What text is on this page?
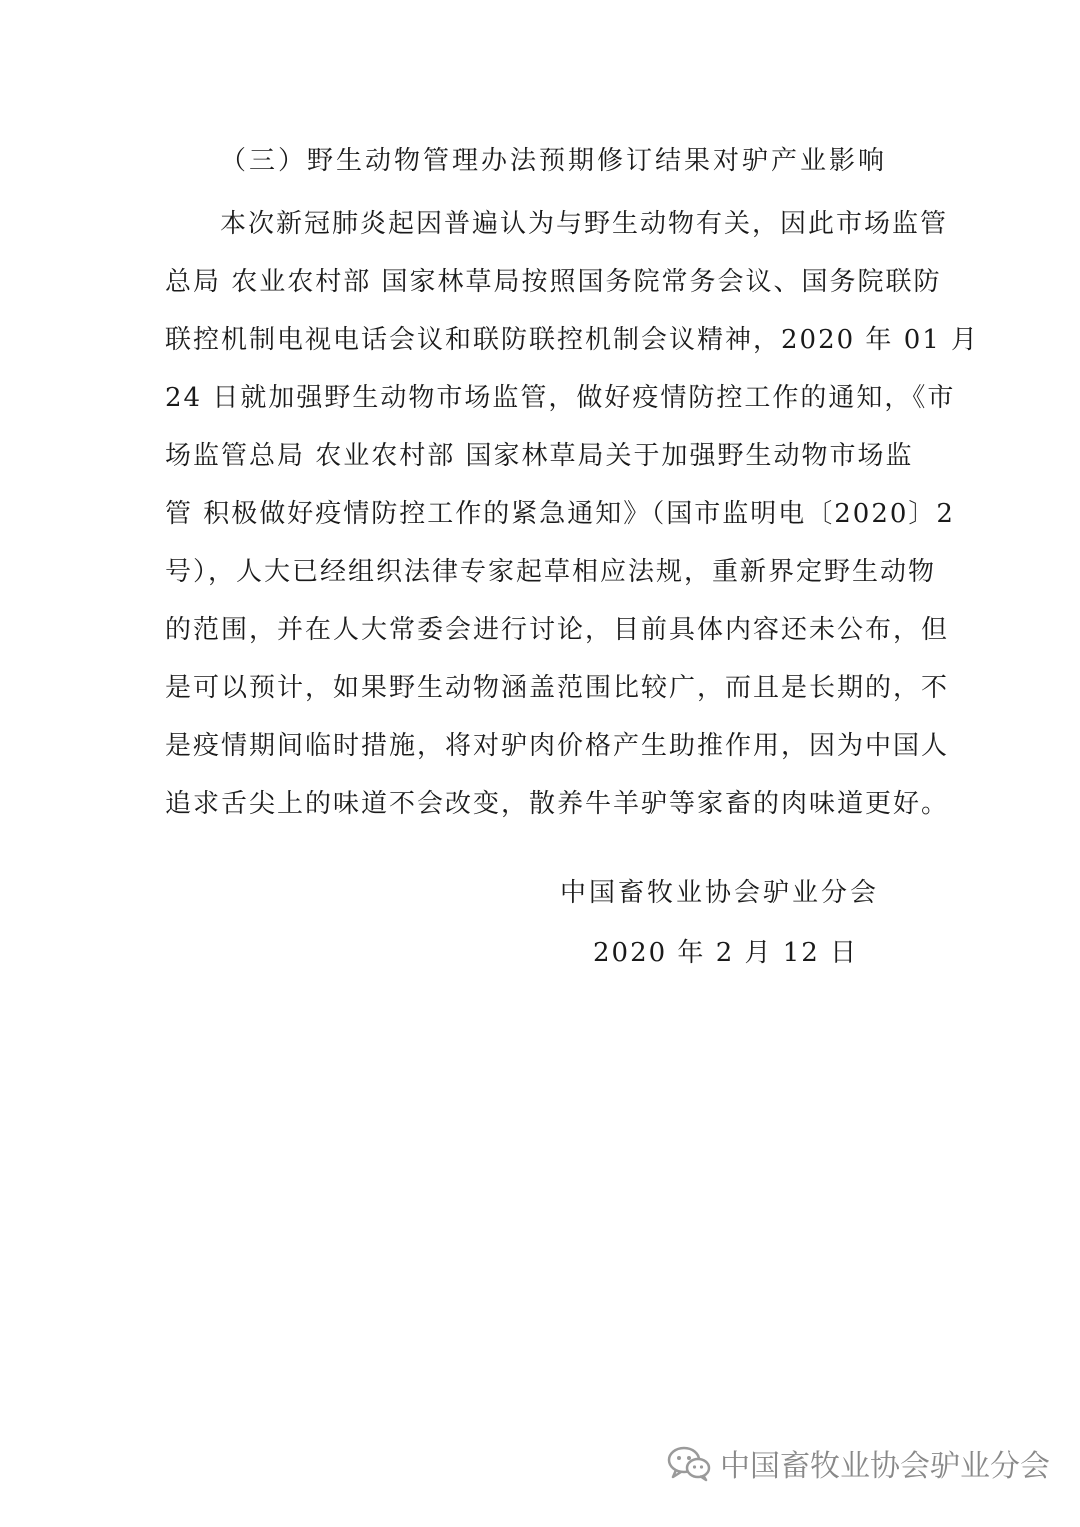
（三）野生动物管理办法预期修订结果对驴产业影响
本次新冠肺炎起因普遍认为与野生动物有关，因此市场监管
总局 农业农村部 国家林草局按照国务院常务会议、国务院联防
联控机制电视电话会议和联防联控机制会议精神，2020 年 01 月
24 日就加强野生动物市场监管，做好疫情防控工作的通知，《市
场监管总局 农业农村部 国家林草局关于加强野生动物市场监
管 积极做好疫情防控工作的紧急通知》（国市监明电〔2020〕2
号），人大已经组织法律专家起草相应法规，重新界定野生动物
的范围，并在人大常委会进行讨论，目前具体内容还未公布，但
是可以预计，如果野生动物涵盖范围比较广，而且是长期的，不
是疫情期间临时措施，将对驴肉价格产生助推作用，因为中国人
追求舌尖上的味道不会改变，散养牛羊驴等家畜的肉味道更好。
中国畜牧业协会驴业分会
2020 年 2 月 12 日
中国畜牧业协会驴业分会
